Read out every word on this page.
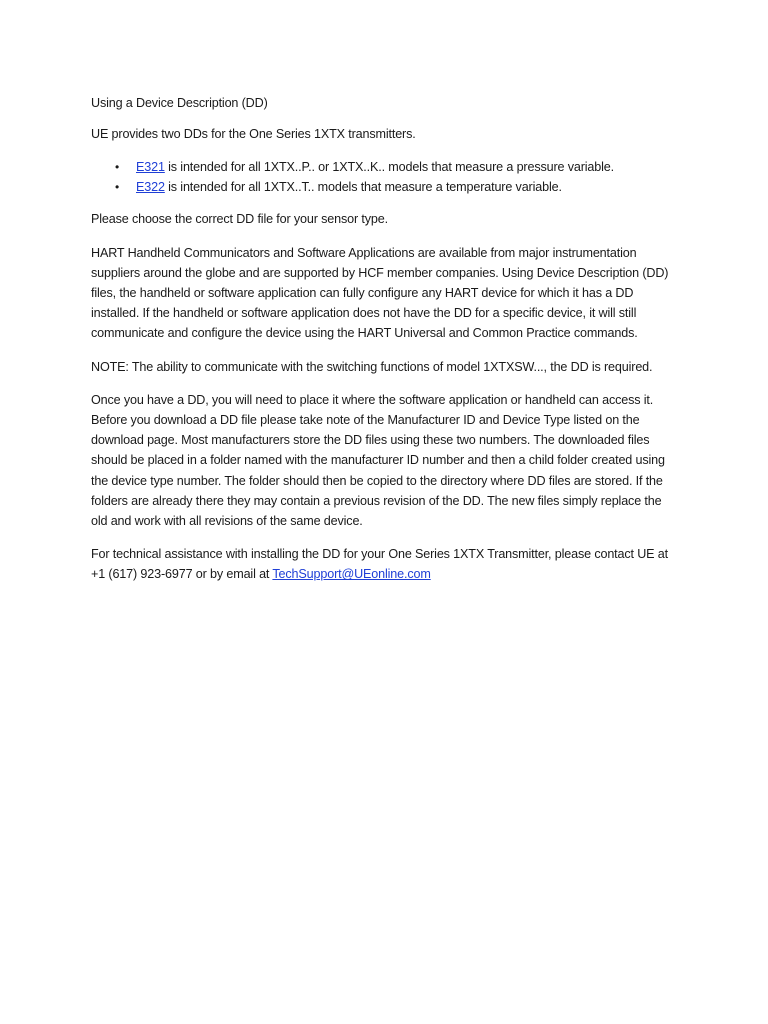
Using a Device Description (DD)

UE provides two DDs for the One Series 1XTX transmitters.

• E321 is intended for all 1XTX..P.. or 1XTX..K.. models that measure a pressure variable.
• E322 is intended for all 1XTX..T.. models that measure a temperature variable.

Please choose the correct DD file for your sensor type.

HART Handheld Communicators and Software Applications are available from major instrumentation suppliers around the globe and are supported by HCF member companies. Using Device Description (DD) files, the handheld or software application can fully configure any HART device for which it has a DD installed. If the handheld or software application does not have the DD for a specific device, it will still communicate and configure the device using the HART Universal and Common Practice commands.

NOTE: The ability to communicate with the switching functions of model 1XTXSW..., the DD is required.

Once you have a DD, you will need to place it where the software application or handheld can access it. Before you download a DD file please take note of the Manufacturer ID and Device Type listed on the download page. Most manufacturers store the DD files using these two numbers. The downloaded files should be placed in a folder named with the manufacturer ID number and then a child folder created using the device type number. The folder should then be copied to the directory where DD files are stored. If the folders are already there they may contain a previous revision of the DD. The new files simply replace the old and work with all revisions of the same device.

For technical assistance with installing the DD for your One Series 1XTX Transmitter, please contact UE at +1 (617) 923-6977 or by email at TechSupport@UEonline.com
